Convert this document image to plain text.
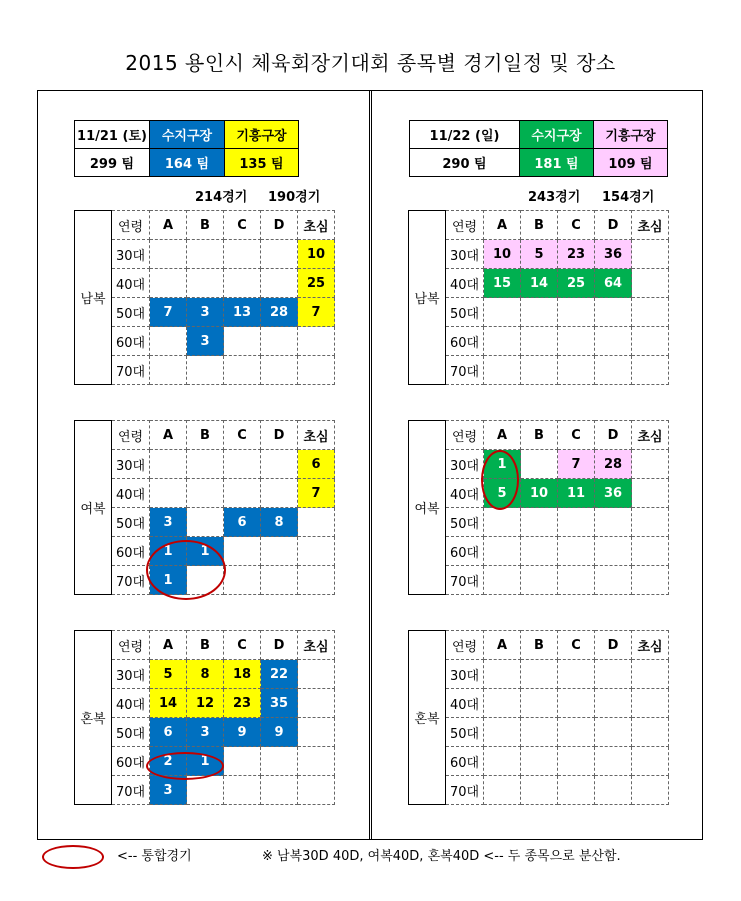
2015 용인시 체육회장기대회 종목별 경기일정 및 장소
11/21 (토)	수지구장	기흥구장
299 팀	164 팀	135 팀
214경기 190경기
11/22 (일)	수지구장	기흥구장
290 팀	181 팀	109 팀
243경기 154경기
남복	연령	A	B	C	D	초심
	30대					10
	40대					25
	50대	7	3	13	28	7
	60대		3			
	70대					
여복	연령	A	B	C	D	초심
	30대					6
	40대					7
	50대	3		6	8	
	60대	1	1			
	70대	1				
혼복	연령	A	B	C	D	초심
	30대	5	8	18	22	
	40대	14	12	23	35	
	50대	6	3	9	9	
	60대	2	1			
	70대	3				
남복	연령	A	B	C	D	초심
	30대	10	5	23	36	
	40대	15	14	25	64	
	50대					
	60대					
	70대					
여복	연령	A	B	C	D	초심
	30대	1		7	28	
	40대	5	10	11	36	
	50대					
	60대					
	70대					
혼복	연령	A	B	C	D	초심
	30대					
	40대					
	50대					
	60대					
	70대					
<-- 통합경기	※ 남복30D 40D, 여복40D, 혼복40D <-- 두 종목으로 분산함.
